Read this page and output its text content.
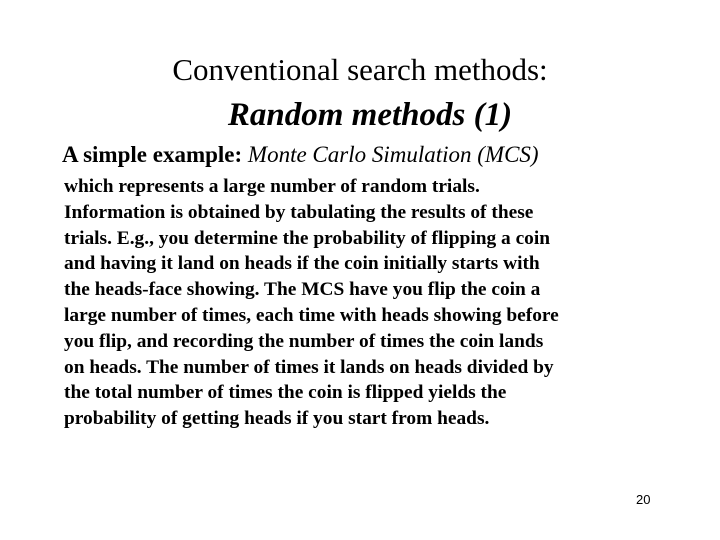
Conventional search methods:
Random methods (1)
A simple example: Monte Carlo Simulation (MCS)
which represents a large number of random trials.
Information is obtained by tabulating the results of these
trials. E.g., you determine the probability of flipping a coin
and having it land on heads if the coin initially starts with
the heads-face showing. The MCS have you flip the coin a
large number of times, each time with heads showing before
you flip, and recording the number of times the coin lands
on heads. The number of times it lands on heads divided by
the total number of times the coin is flipped yields the
probability of getting heads if you start from heads.
20
